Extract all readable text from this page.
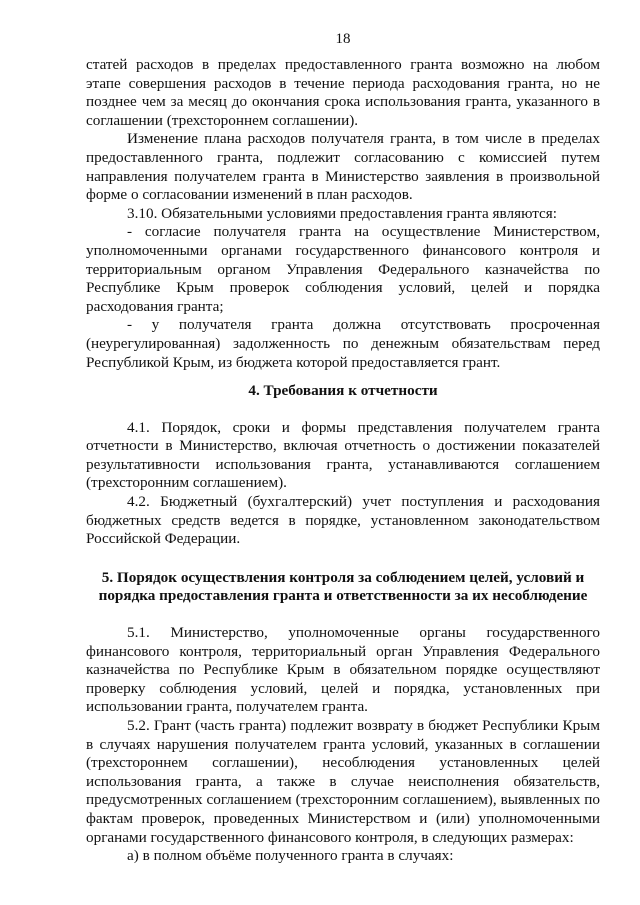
18

статей расходов в пределах предоставленного гранта возможно на любом этапе совершения расходов в течение периода расходования гранта, но не позднее чем за месяц до окончания срока использования гранта, указанного в соглашении (трехстороннем соглашении).

Изменение плана расходов получателя гранта, в том числе в пределах предоставленного гранта, подлежит согласованию с комиссией путем направления получателем гранта в Министерство заявления в произвольной форме о согласовании изменений в план расходов.

3.10. Обязательными условиями предоставления гранта являются:

- согласие получателя гранта на осуществление Министерством, уполномоченными органами государственного финансового контроля и территориальным органом Управления Федерального казначейства по Республике Крым проверок соблюдения условий, целей и порядка расходования гранта;

- у получателя гранта должна отсутствовать просроченная (неурегулированная) задолженность по денежным обязательствам перед Республикой Крым, из бюджета которой предоставляется грант.

4. Требования к отчетности

4.1. Порядок, сроки и формы представления получателем гранта отчетности в Министерство, включая отчетность о достижении показателей результативности использования гранта, устанавливаются соглашением (трехсторонним соглашением).

4.2. Бюджетный (бухгалтерский) учет поступления и расходования бюджетных средств ведется в порядке, установленном законодательством Российской Федерации.

5. Порядок осуществления контроля за соблюдением целей, условий и
порядка предоставления гранта и ответственности за их несоблюдение

5.1. Министерство, уполномоченные органы государственного финансового контроля, территориальный орган Управления Федерального казначейства по Республике Крым в обязательном порядке осуществляют проверку соблюдения условий, целей и порядка, установленных при использовании гранта, получателем гранта.

5.2. Грант (часть гранта) подлежит возврату в бюджет Республики Крым в случаях нарушения получателем гранта условий, указанных в соглашении (трехстороннем соглашении), несоблюдения установленных целей использования гранта, а также в случае неисполнения обязательств, предусмотренных соглашением (трехсторонним соглашением), выявленных по фактам проверок, проведенных Министерством и (или) уполномоченными органами государственного финансового контроля, в следующих размерах:

а) в полном объёме полученного гранта в случаях:
